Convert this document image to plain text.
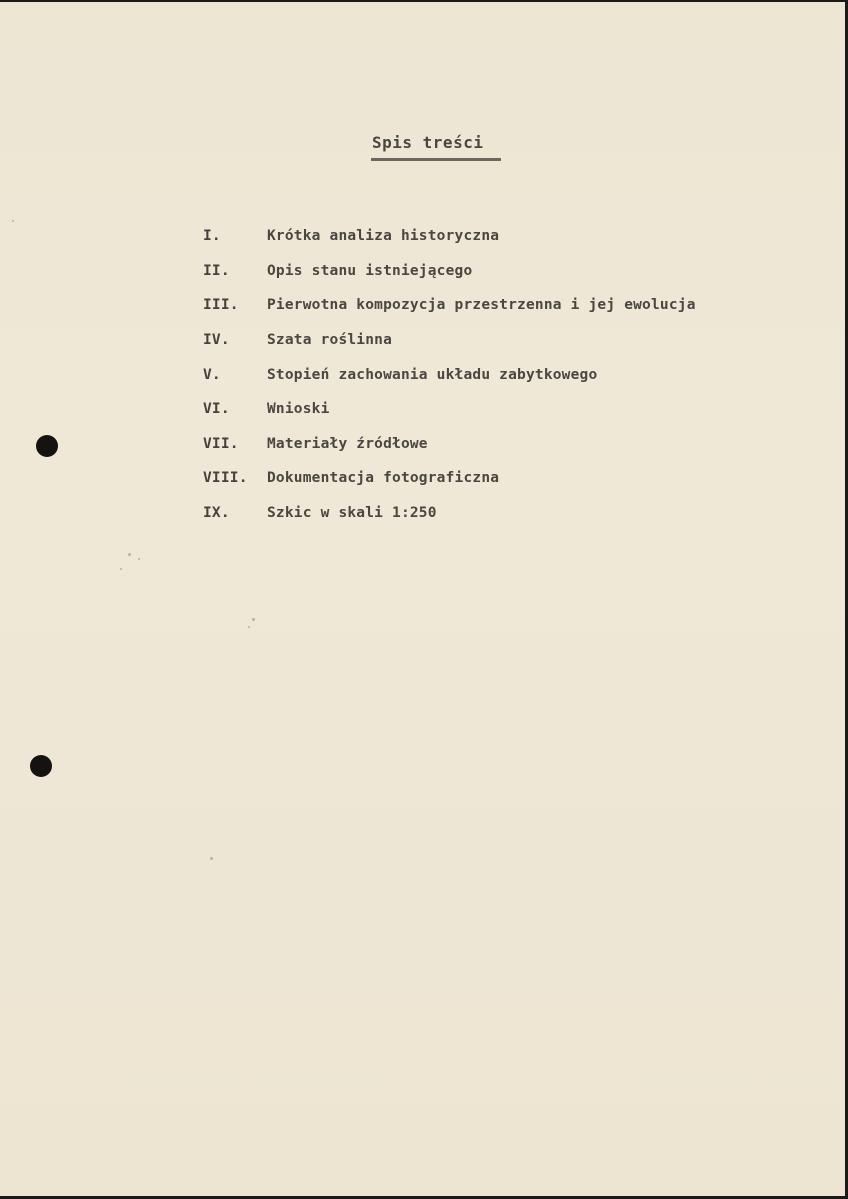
Spis treści
I.	Krótka analiza historyczna
II.	Opis stanu istniejącego
III.	Pierwotna kompozycja przestrzenna i jej ewolucja
IV.	Szata roślinna
V.	Stopień zachowania układu zabytkowego
VI.	Wnioski
VII.	Materiały źródłowe
VIII.	Dokumentacja fotograficzna
IX.	Szkic w skali 1:250
